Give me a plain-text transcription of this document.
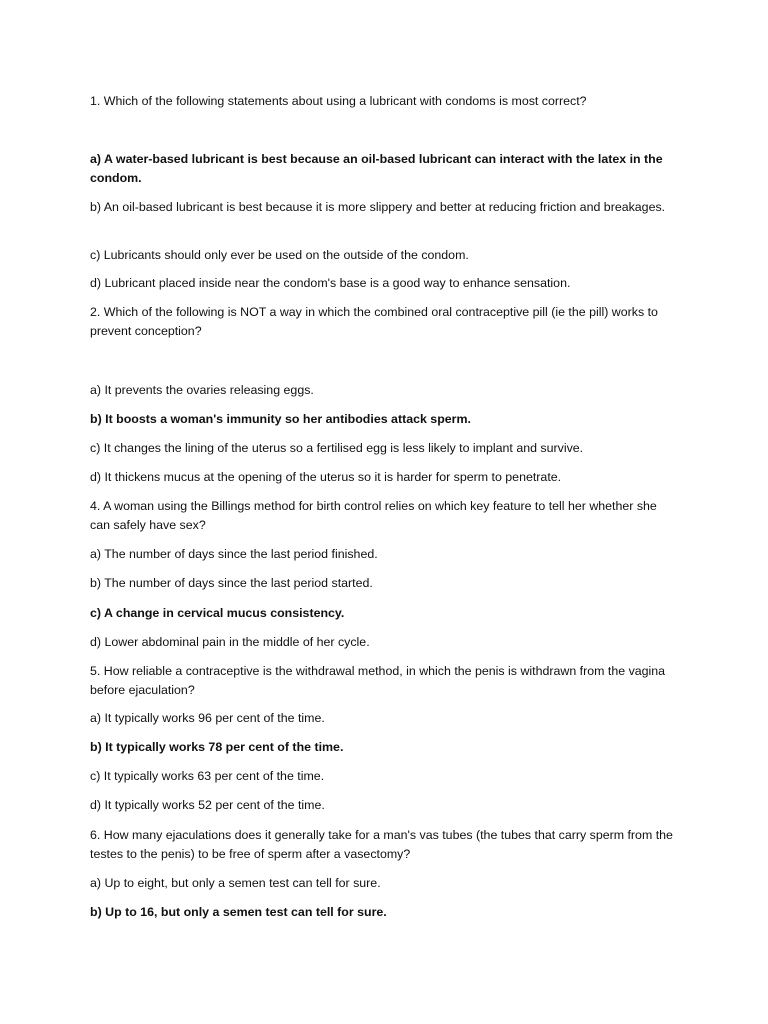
1. Which of the following statements about using a lubricant with condoms is most correct?
a) A water-based lubricant is best because an oil-based lubricant can interact with the latex in the condom.
b) An oil-based lubricant is best because it is more slippery and better at reducing friction and breakages.
c) Lubricants should only ever be used on the outside of the condom.
d) Lubricant placed inside near the condom's base is a good way to enhance sensation.
2. Which of the following is NOT a way in which the combined oral contraceptive pill (ie the pill) works to prevent conception?
a) It prevents the ovaries releasing eggs.
b) It boosts a woman's immunity so her antibodies attack sperm.
c) It changes the lining of the uterus so a fertilised egg is less likely to implant and survive.
d) It thickens mucus at the opening of the uterus so it is harder for sperm to penetrate.
4. A woman using the Billings method for birth control relies on which key feature to tell her whether she can safely have sex?
a) The number of days since the last period finished.
b) The number of days since the last period started.
c) A change in cervical mucus consistency.
d) Lower abdominal pain in the middle of her cycle.
5. How reliable a contraceptive is the withdrawal method, in which the penis is withdrawn from the vagina before ejaculation?
a) It typically works 96 per cent of the time.
b) It typically works 78 per cent of the time.
c) It typically works 63 per cent of the time.
d) It typically works 52 per cent of the time.
6. How many ejaculations does it generally take for a man's vas tubes (the tubes that carry sperm from the testes to the penis) to be free of sperm after a vasectomy?
a) Up to eight, but only a semen test can tell for sure.
b) Up to 16, but only a semen test can tell for sure.
